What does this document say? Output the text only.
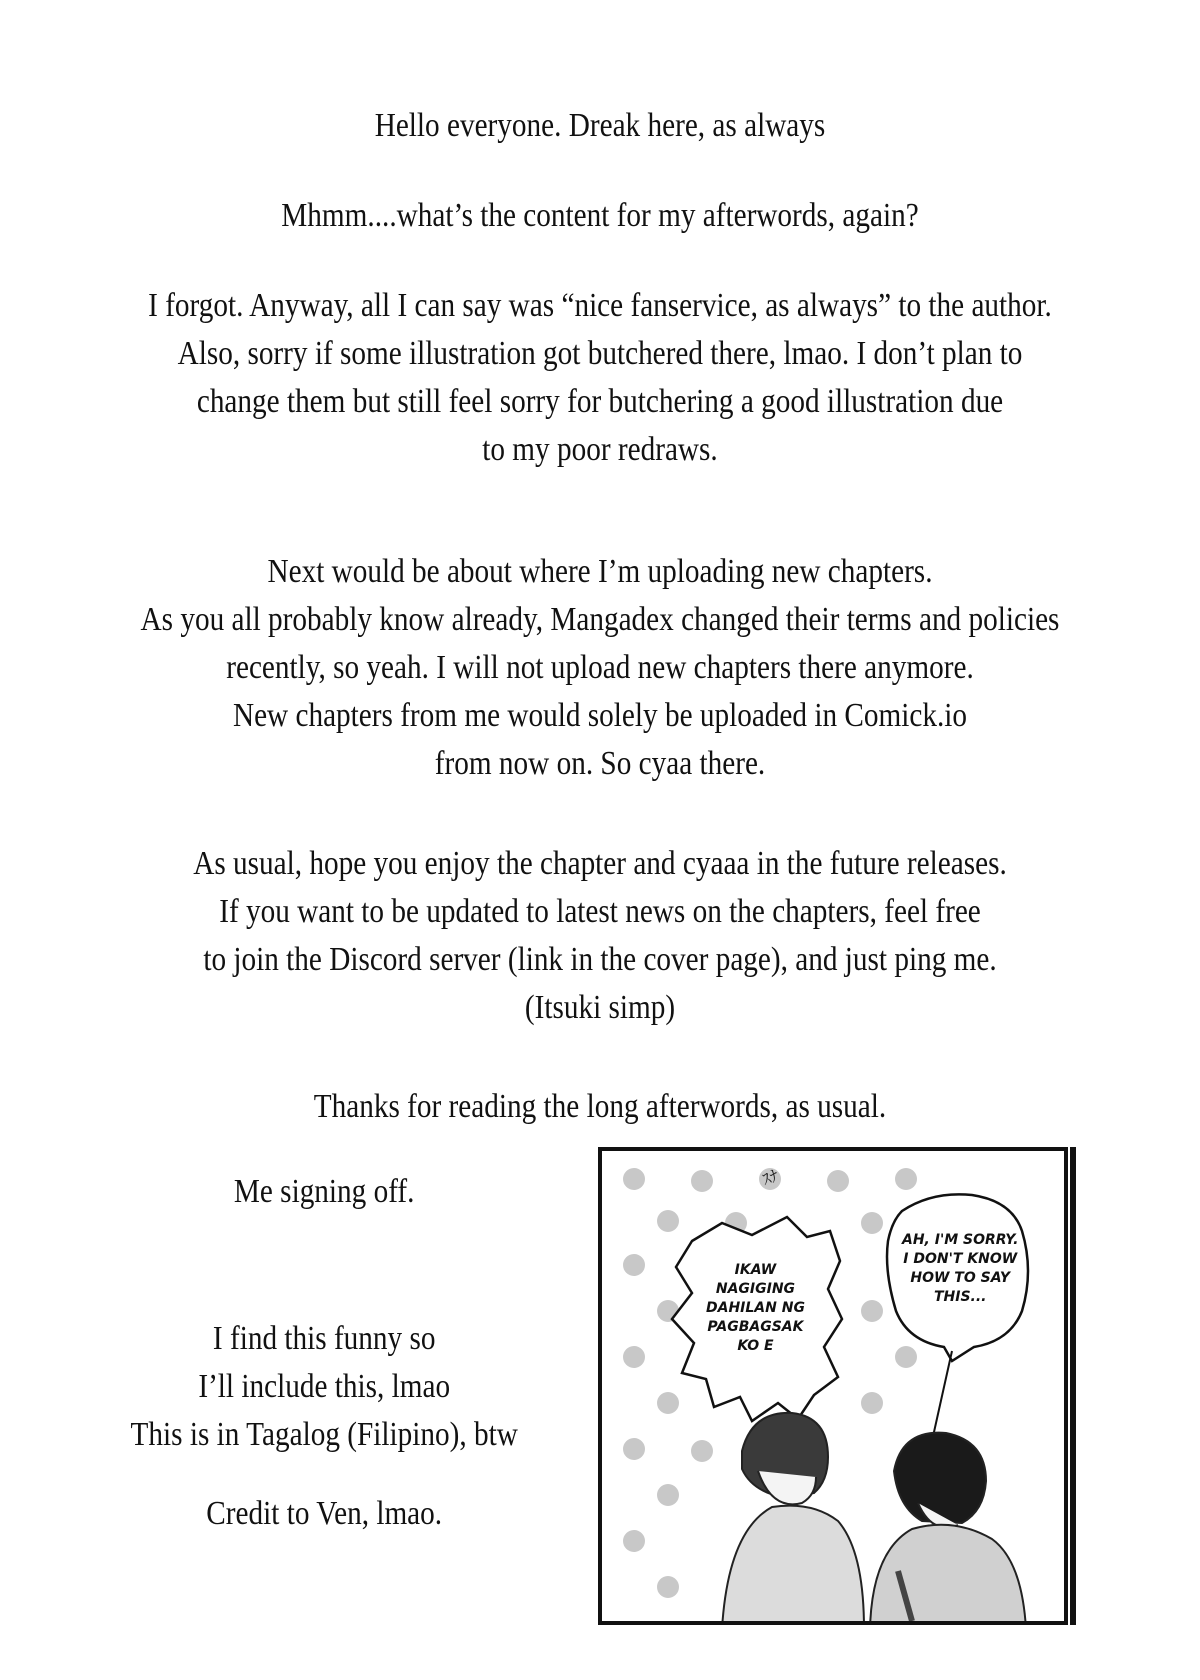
Hello everyone. Dreak here, as always
Mhmm....what’s the content for my afterwords, again?
I forgot. Anyway, all I can say was “nice fanservice, as always” to the author.
Also, sorry if some illustration got butchered there, lmao. I don’t plan to
change them but still feel sorry for butchering a good illustration due
to my poor redraws.
Next would be about where I’m uploading new chapters.
As you all probably know already, Mangadex changed their terms and policies
recently, so yeah. I will not upload new chapters there anymore.
New chapters from me would solely be uploaded in Comick.io
from now on. So cyaa there.
As usual, hope you enjoy the chapter and cyaaa in the future releases.
If you want to be updated to latest news on the chapters, feel free
to join the Discord server (link in the cover page), and just ping me.
(Itsuki simp)
Thanks for reading the long afterwords, as usual.
Me signing off.
I find this funny so
I’ll include this, lmao
This is in Tagalog (Filipino), btw
Credit to Ven, lmao.
ｽﾅ
IKAW
NAGIGING
DAHILAN NG
PAGBAGSAK
KO E
AH, I'M SORRY.
I DON'T KNOW
HOW TO SAY
THIS...
